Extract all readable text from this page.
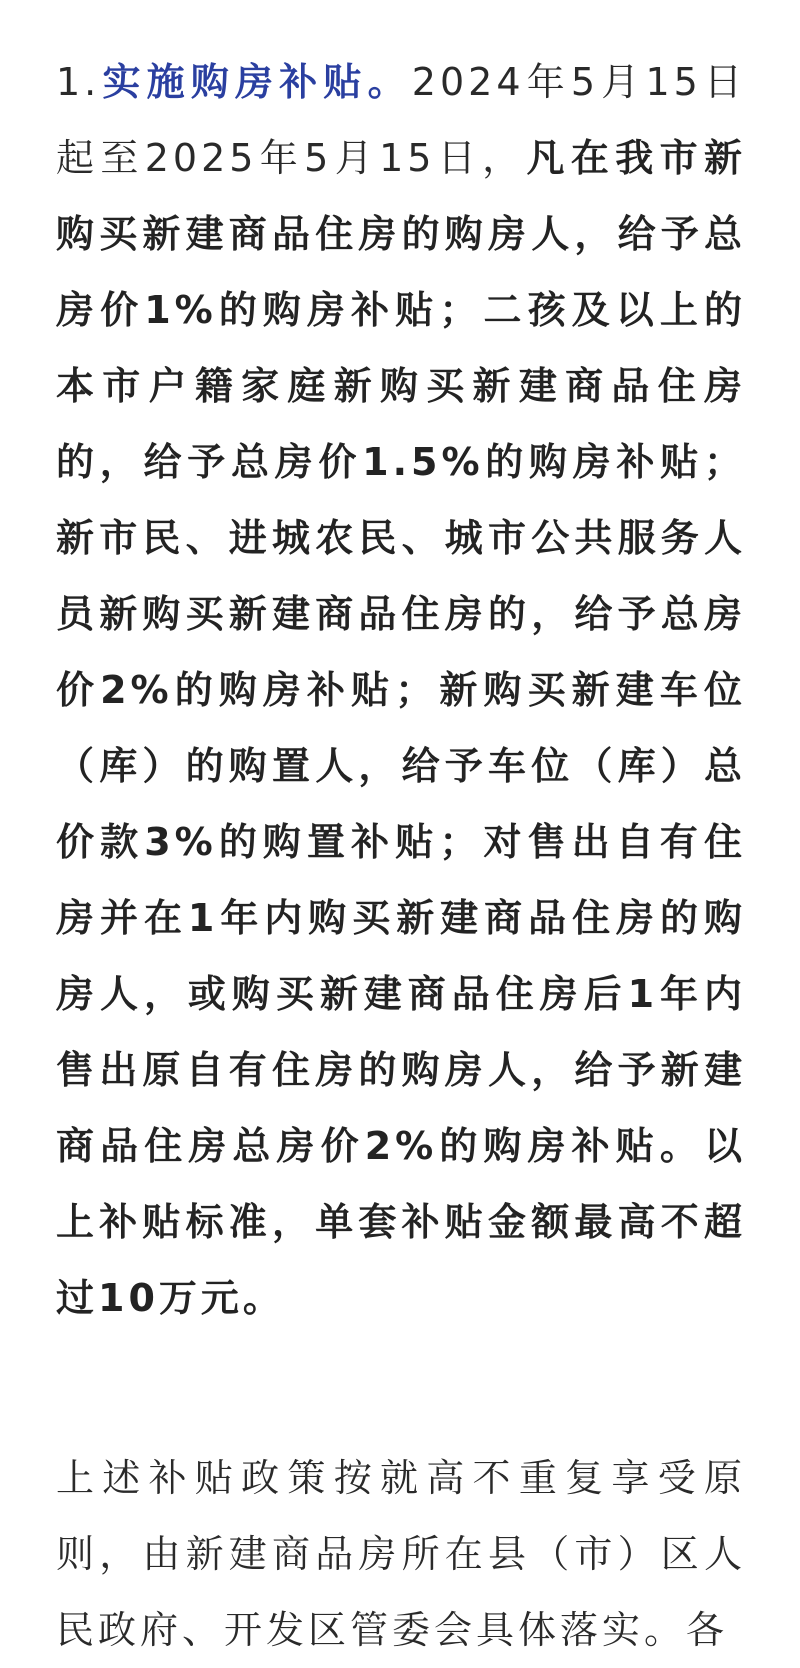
1.实施购房补贴。2024年5月15日起至2025年5月15日，凡在我市新购买新建商品住房的购房人，给予总房价1%的购房补贴；二孩及以上的本市户籍家庭新购买新建商品住房的，给予总房价1.5%的购房补贴；新市民、进城农民、城市公共服务人员新购买新建商品住房的，给予总房价2%的购房补贴；新购买新建车位（库）的购置人，给予车位（库）总价款3%的购置补贴；对售出自有住房并在1年内购买新建商品住房的购房人，或购买新建商品住房后1年内售出原自有住房的购房人，给予新建商品住房总房价2%的购房补贴。以上补贴标准，单套补贴金额最高不超过10万元。

上述补贴政策按就高不重复享受原则，由新建商品房所在县（市）区人民政府、开发区管委会具体落实。各
